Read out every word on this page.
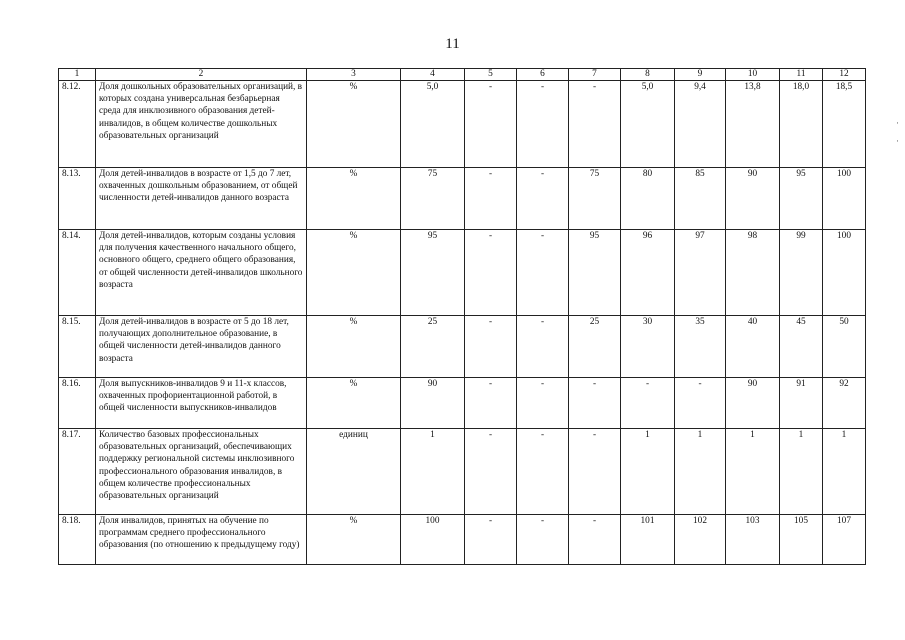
11
1	2	3	4	5	6	7	8	9	10	11	12
8.12.	Доля дошкольных образовательных организаций, в которых создана универсальная безбарьерная среда для инклюзивного образования детей-инвалидов, в общем количестве дошкольных образовательных организаций	%	5,0	-	-	-	5,0	9,4	13,8	18,0	18,5
8.13.	Доля детей-инвалидов в возрасте от 1,5 до 7 лет, охваченных дошкольным образованием, от общей численности детей-инвалидов данного возраста	%	75	-	-	75	80	85	90	95	100
8.14.	Доля детей-инвалидов, которым созданы условия для получения качественного начального общего, основного общего, среднего общего образования, от общей численности детей-инвалидов школьного возраста	%	95	-	-	95	96	97	98	99	100
8.15.	Доля детей-инвалидов в возрасте от 5 до 18 лет, получающих дополнительное образование, в общей численности детей-инвалидов данного возраста	%	25	-	-	25	30	35	40	45	50
8.16.	Доля выпускников-инвалидов 9 и 11-х классов, охваченных профориентационной работой, в общей численности выпускников-инвалидов	%	90	-	-	-	-	-	90	91	92
8.17.	Количество базовых профессиональных образовательных организаций, обеспечивающих поддержку региональной системы инклюзивного профессионального образования инвалидов, в общем количестве профессиональных образовательных организаций	единиц	1	-	-	-	1	1	1	1	1
8.18.	Доля инвалидов, принятых на обучение по программам среднего профессионального образования (по отношению к предыдущему году)	%	100	-	-	-	101	102	103	105	107
·
·
